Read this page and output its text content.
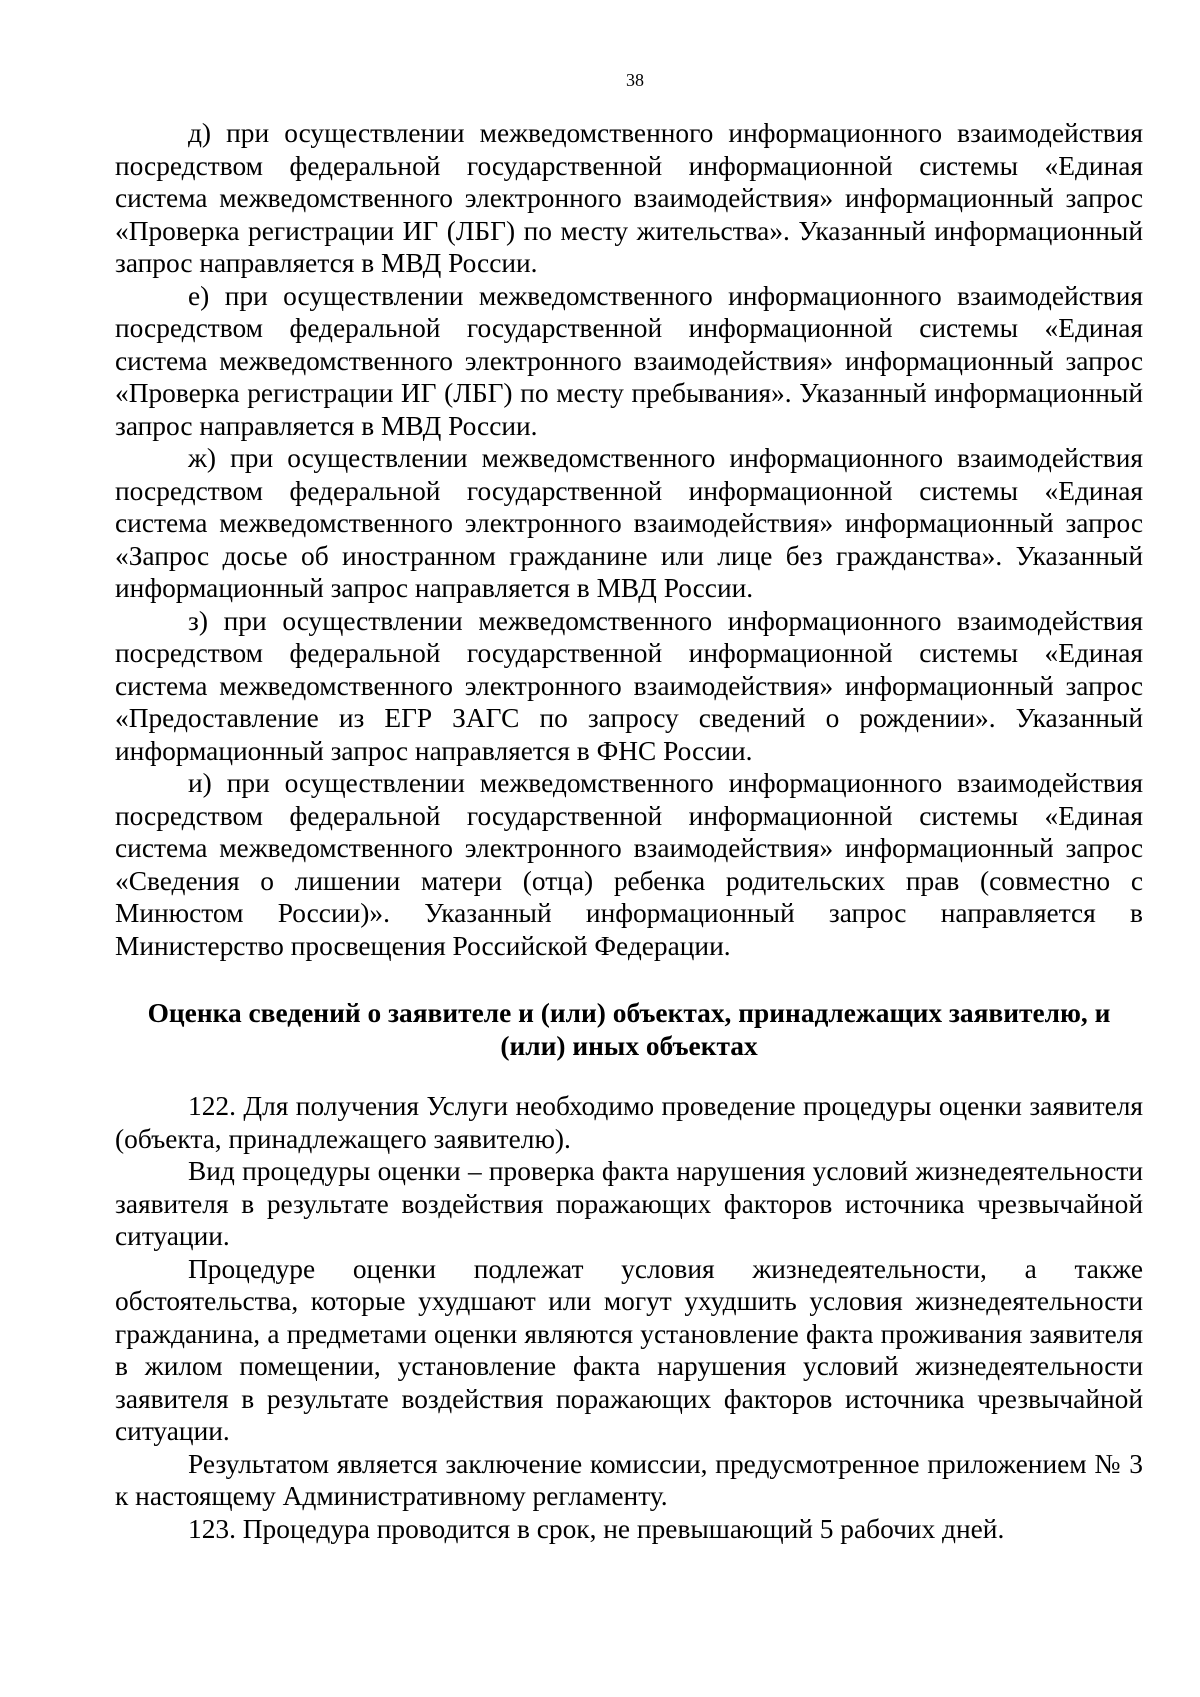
38

д) при осуществлении межведомственного информационного взаимодействия посредством федеральной государственной информационной системы «Единая система межведомственного электронного взаимодействия» информационный запрос «Проверка регистрации ИГ (ЛБГ) по месту жительства». Указанный информационный запрос направляется в МВД России.

е) при осуществлении межведомственного информационного взаимодействия посредством федеральной государственной информационной системы «Единая система межведомственного электронного взаимодействия» информационный запрос «Проверка регистрации ИГ (ЛБГ) по месту пребывания». Указанный информационный запрос направляется в МВД России.

ж) при осуществлении межведомственного информационного взаимодействия посредством федеральной государственной информационной системы «Единая система межведомственного электронного взаимодействия» информационный запрос «Запрос досье об иностранном гражданине или лице без гражданства». Указанный информационный запрос направляется в МВД России.

з) при осуществлении межведомственного информационного взаимодействия посредством федеральной государственной информационной системы «Единая система межведомственного электронного взаимодействия» информационный запрос «Предоставление из ЕГР ЗАГС по запросу сведений о рождении». Указанный информационный запрос направляется в ФНС России.

и) при осуществлении межведомственного информационного взаимодействия посредством федеральной государственной информационной системы «Единая система межведомственного электронного взаимодействия» информационный запрос «Сведения о лишении матери (отца) ребенка родительских прав (совместно с Минюстом России)». Указанный информационный запрос направляется в Министерство просвещения Российской Федерации.

Оценка сведений о заявителе и (или) объектах, принадлежащих заявителю, и
(или) иных объектах

122. Для получения Услуги необходимо проведение процедуры оценки заявителя (объекта, принадлежащего заявителю).

Вид процедуры оценки – проверка факта нарушения условий жизнедеятельности заявителя в результате воздействия поражающих факторов источника чрезвычайной ситуации.

Процедуре оценки подлежат условия жизнедеятельности, а также обстоятельства, которые ухудшают или могут ухудшить условия жизнедеятельности гражданина, а предметами оценки являются установление факта проживания заявителя в жилом помещении, установление факта нарушения условий жизнедеятельности заявителя в результате воздействия поражающих факторов источника чрезвычайной ситуации.

Результатом является заключение комиссии, предусмотренное приложением № 3 к настоящему Административному регламенту.

123. Процедура проводится в срок, не превышающий 5 рабочих дней.
